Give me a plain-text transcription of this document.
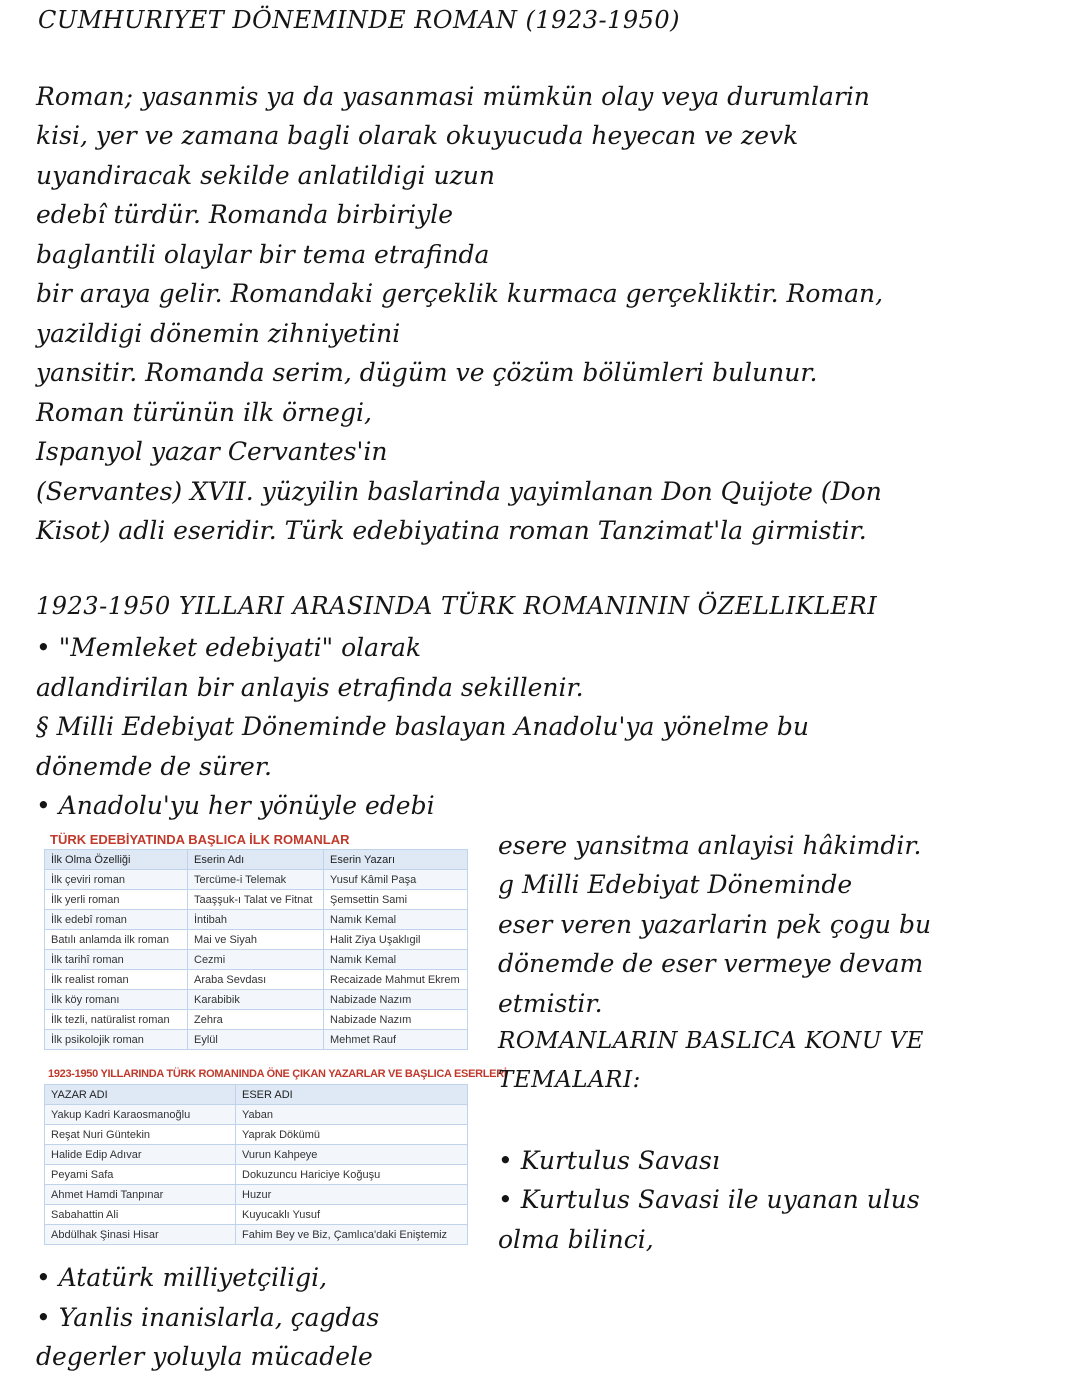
CUMHURIYET DÖNEMINDE ROMAN (1923-1950)
Roman; yasanmis ya da yasanmasi mümkün olay veya durumlarin
kisi, yer ve zamana bagli olarak okuyucuda heyecan ve zevk
uyandiracak sekilde anlatildigi uzun
edebî türdür. Romanda birbiriyle
baglantili olaylar bir tema etrafinda
bir araya gelir. Romandaki gerçeklik kurmaca gerçekliktir. Roman,
yazildigi dönemin zihniyetini
yansitir. Romanda serim, dügüm ve çözüm bölümleri bulunur.
Roman türünün ilk örnegi,
Ispanyol yazar Cervantes'in
(Servantes) XVII. yüzyilin baslarinda yayimlanan Don Quijote (Don
Kisot) adli eseridir. Türk edebiyatina roman Tanzimat'la girmistir.
1923-1950 YILLARI ARASINDA TÜRK ROMANININ ÖZELLIKLERI
• "Memleket edebiyati" olarak
adlandirilan bir anlayis etrafinda sekillenir.
§ Milli Edebiyat Döneminde baslayan Anadolu'ya yönelme bu
dönemde de sürer.
• Anadolu'yu her yönüyle edebi
TÜRK EDEBİYATINDA BAŞLICA İLK ROMANLAR
İlk Olma Özelliği	Eserin Adı	Eserin Yazarı
İlk çeviri roman	Tercüme-i Telemak	Yusuf Kâmil Paşa
İlk yerli roman	Taaşşuk-ı Talat ve Fitnat	Şemsettin Sami
İlk edebî roman	İntibah	Namık Kemal
Batılı anlamda ilk roman	Mai ve Siyah	Halit Ziya Uşaklıgil
İlk tarihî roman	Cezmi	Namık Kemal
İlk realist roman	Araba Sevdası	Recaizade Mahmut Ekrem
İlk köy romanı	Karabibik	Nabizade Nazım
İlk tezli, natüralist roman	Zehra	Nabizade Nazım
İlk psikolojik roman	Eylül	Mehmet Rauf
1923-1950 YILLARINDA TÜRK ROMANINDA ÖNE ÇIKAN YAZARLAR VE BAŞLICA ESERLERİ
YAZAR ADI	ESER ADI
Yakup Kadri Karaosmanoğlu	Yaban
Reşat Nuri Güntekin	Yaprak Dökümü
Halide Edip Adıvar	Vurun Kahpeye
Peyami Safa	Dokuzuncu Hariciye Koğuşu
Ahmet Hamdi Tanpınar	Huzur
Sabahattin Ali	Kuyucaklı Yusuf
Abdülhak Şinasi Hisar	Fahim Bey ve Biz, Çamlıca'daki Eniştemiz
esere yansitma anlayisi hâkimdir.
g Milli Edebiyat Döneminde
eser veren yazarlarin pek çogu bu
dönemde de eser vermeye devam
etmistir.
ROMANLARIN BASLICA KONU VE
TEMALARI:
• Kurtulus Savası
• Kurtulus Savasi ile uyanan ulus
olma bilinci,
• Atatürk milliyetçiligi,
• Yanlis inanislarla, çagdas
degerler yoluyla mücadele
